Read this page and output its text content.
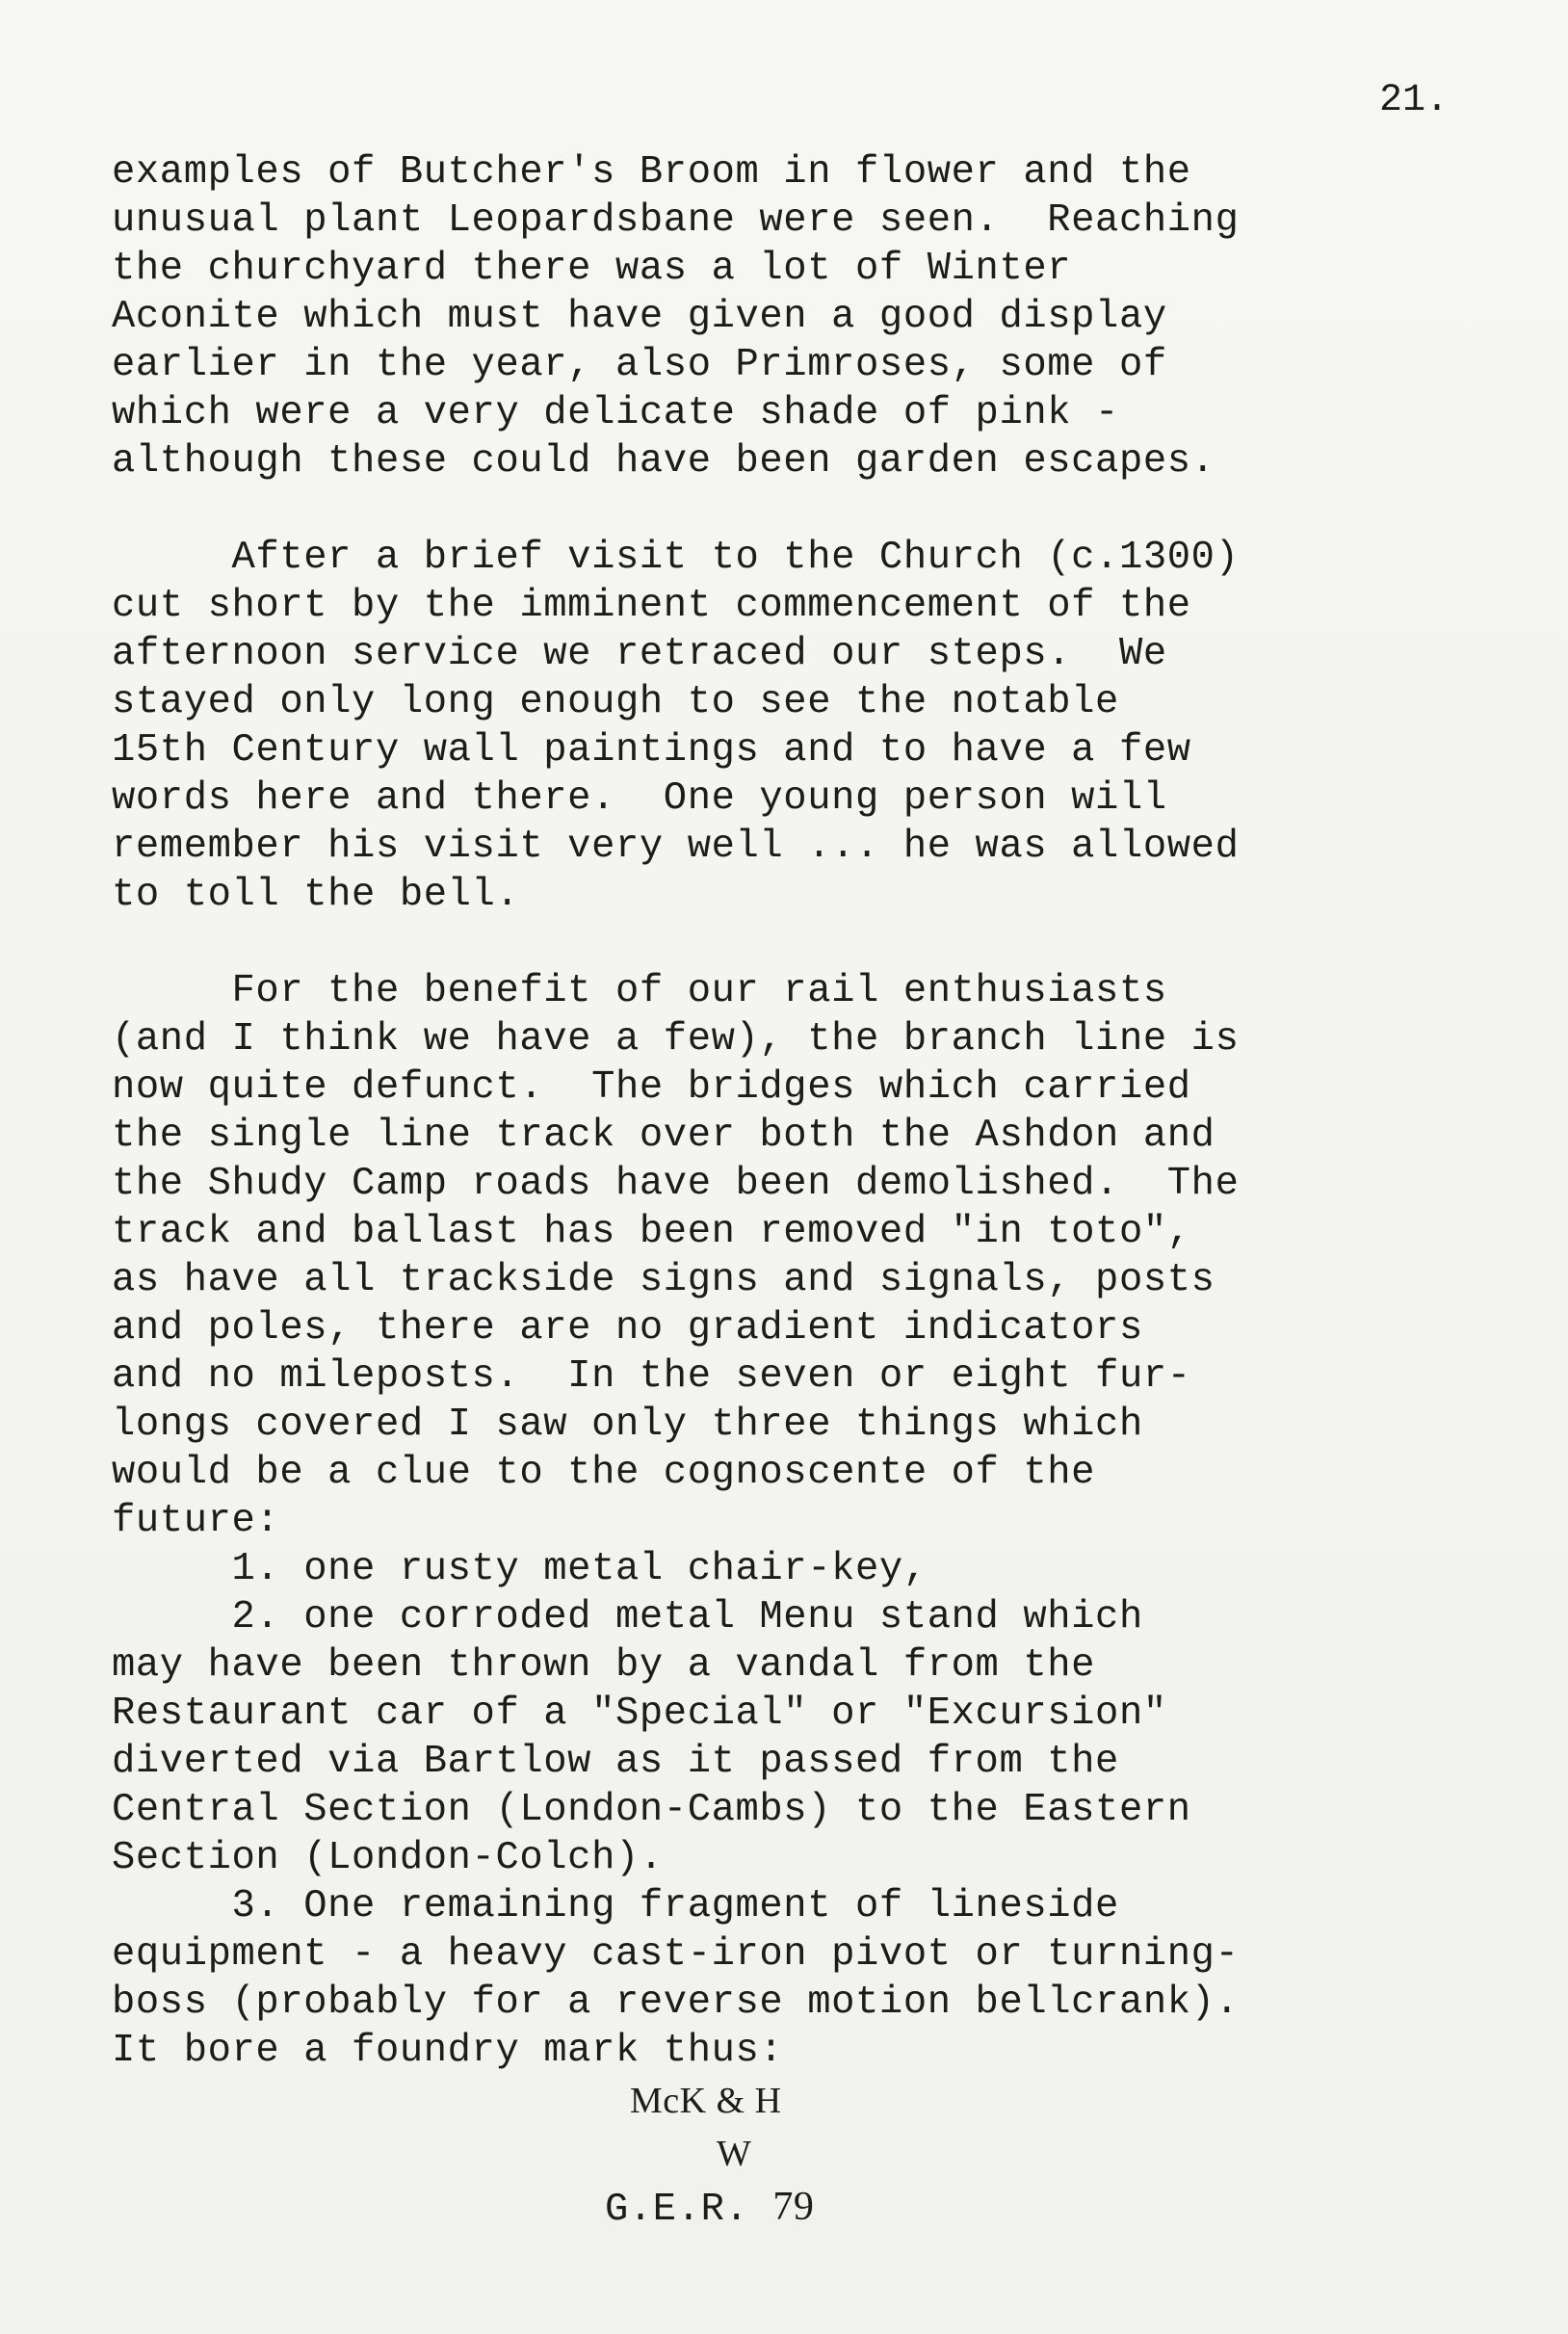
21.
examples of Butcher's Broom in flower and the
unusual plant Leopardsbane were seen.  Reaching
the churchyard there was a lot of Winter
Aconite which must have given a good display
earlier in the year, also Primroses, some of
which were a very delicate shade of pink -
although these could have been garden escapes.
After a brief visit to the Church (c.1300)
cut short by the imminent commencement of the
afternoon service we retraced our steps.  We
stayed only long enough to see the notable
15th Century wall paintings and to have a few
words here and there.  One young person will
remember his visit very well ... he was allowed
to toll the bell.
For the benefit of our rail enthusiasts
(and I think we have a few), the branch line is
now quite defunct.  The bridges which carried
the single line track over both the Ashdon and
the Shudy Camp roads have been demolished.  The
track and ballast has been removed "in toto",
as have all trackside signs and signals, posts
and poles, there are no gradient indicators
and no mileposts.  In the seven or eight fur-
longs covered I saw only three things which
would be a clue to the cognoscente of the
future:
1. one rusty metal chair-key,
2. one corroded metal Menu stand which
may have been thrown by a vandal from the
Restaurant car of a "Special" or "Excursion"
diverted via Bartlow as it passed from the
Central Section (London-Cambs) to the Eastern
Section (London-Colch).
3. One remaining fragment of lineside
equipment - a heavy cast-iron pivot or turning-
boss (probably for a reverse motion bellcrank).
It bore a foundry mark thus:
McK & H
W
G.E.R. 79
